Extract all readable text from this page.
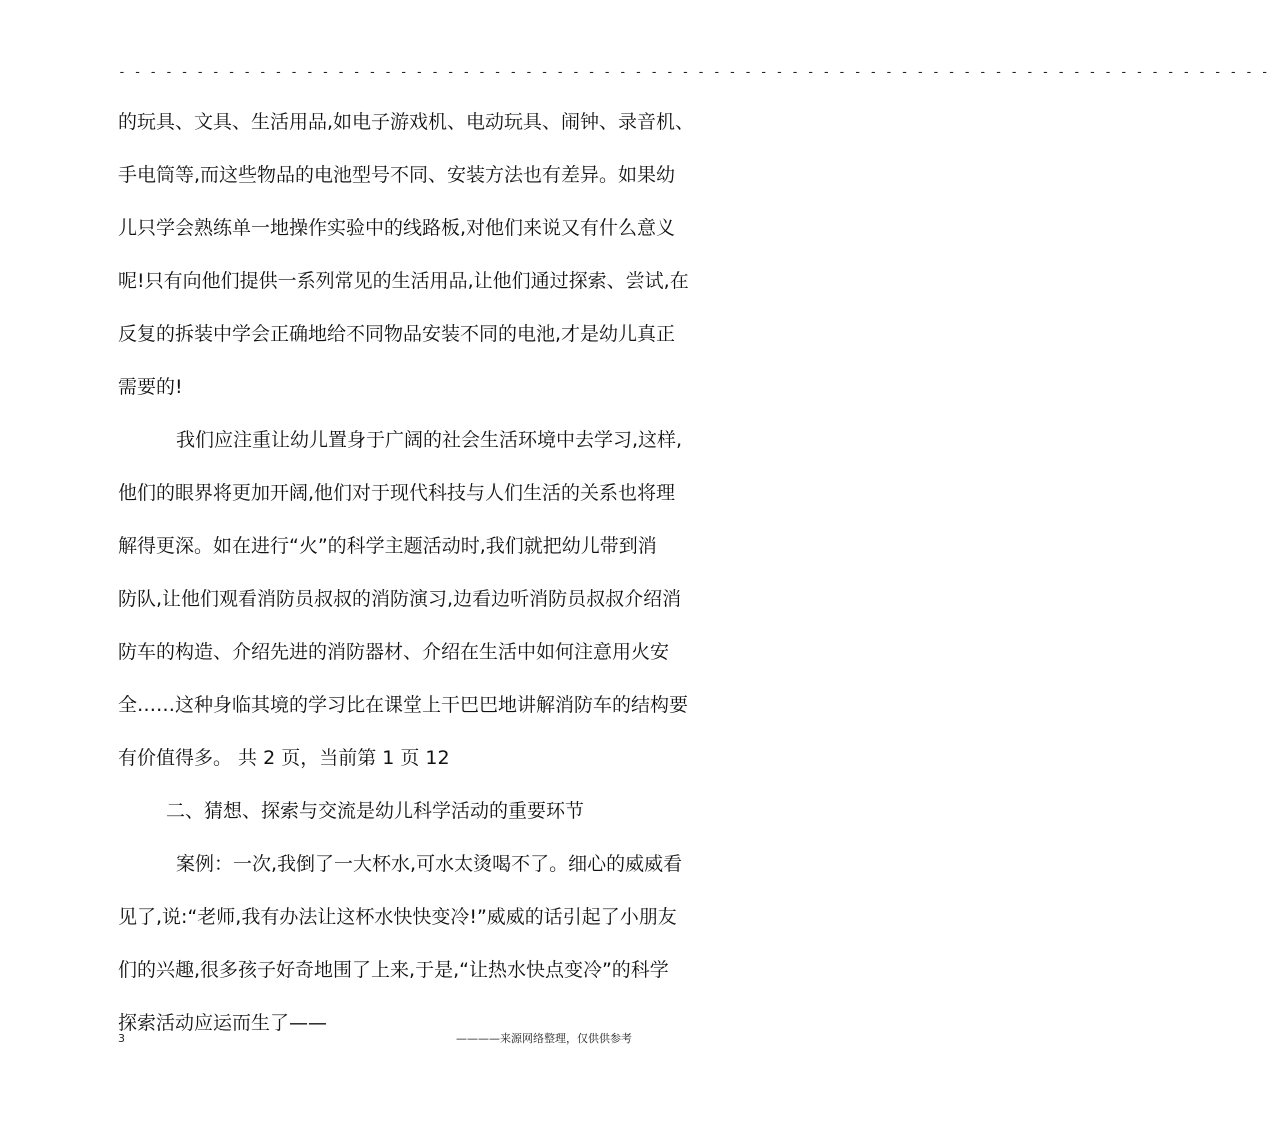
- - - - - - - - - - - - - - - - - - - - - - - - - - - - - - - - - - - - - - - - - - - - - - - - - - - - - - - - - - - - - - - - - - - - - - - - - -
的玩具、文具、生活用品,如电子游戏机、电动玩具、闹钟、录音机、
手电筒等,而这些物品的电池型号不同、安装方法也有差异。如果幼
儿只学会熟练单一地操作实验中的线路板,对他们来说又有什么意义
呢!只有向他们提供一系列常见的生活用品,让他们通过探索、尝试,在
反复的拆装中学会正确地给不同物品安装不同的电池,才是幼儿真正
需要的!
我们应注重让幼儿置身于广阔的社会生活环境中去学习,这样,
他们的眼界将更加开阔,他们对于现代科技与人们生活的关系也将理
解得更深。如在进行“火”的科学主题活动时,我们就把幼儿带到消
防队,让他们观看消防员叔叔的消防演习,边看边听消防员叔叔介绍消
防车的构造、介绍先进的消防器材、介绍在生活中如何注意用火安
全……这种身临其境的学习比在课堂上干巴巴地讲解消防车的结构要
有价值得多。 共 2 页，当前第 1 页 12
二、猜想、探索与交流是幼儿科学活动的重要环节
案例：一次,我倒了一大杯水,可水太烫喝不了。细心的威威看
见了,说:“老师,我有办法让这杯水快快变冷!”威威的话引起了小朋友
们的兴趣,很多孩子好奇地围了上来,于是,“让热水快点变冷”的科学
探索活动应运而生了——
3	————来源网络整理，仅供供参考
